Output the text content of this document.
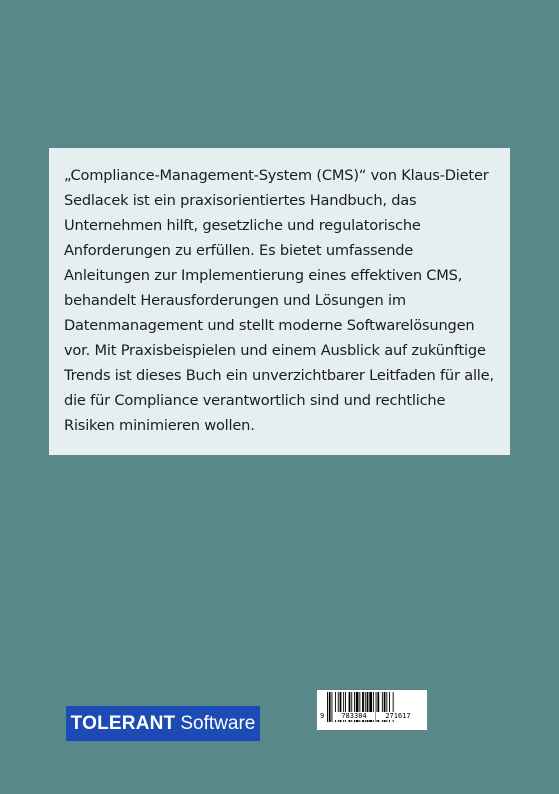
„Compliance-Management-System (CMS)“ von Klaus-Dieter Sedlacek ist ein praxisorientiertes Handbuch, das Unternehmen hilft, gesetzliche und regulatorische Anforderungen zu erfüllen. Es bietet umfassende Anleitungen zur Implementierung eines effektiven CMS, behandelt Herausforderungen und Lösungen im Datenmanagement und stellt moderne Softwarelösungen vor. Mit Praxisbeispielen und einem Ausblick auf zukünftige Trends ist dieses Buch ein unverzichtbarer Leitfaden für alle, die für Compliance verantwortlich sind und rechtliche Risiken minimieren wollen.

TOLERANT Software	9	783384	271617
